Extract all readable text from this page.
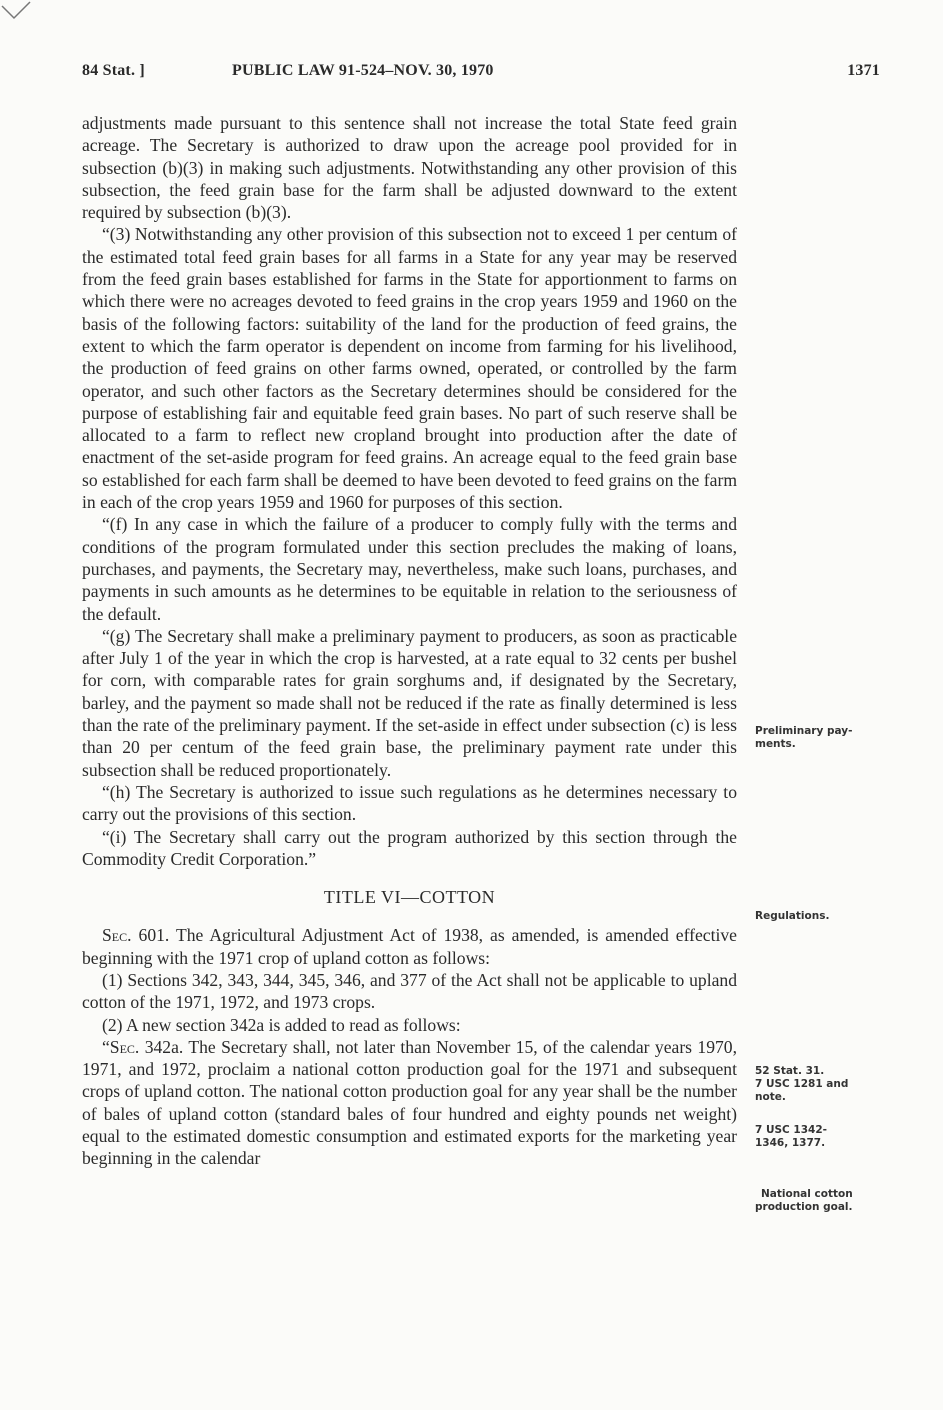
84 Stat. ]	PUBLIC LAW 91-524–NOV. 30, 1970	1371

adjustments made pursuant to this sentence shall not increase the total State feed grain acreage. The Secretary is authorized to draw upon the acreage pool provided for in subsection (b)(3) in making such adjustments. Notwithstanding any other provision of this subsection, the feed grain base for the farm shall be adjusted downward to the extent required by subsection (b)(3).

“(3) Notwithstanding any other provision of this subsection not to exceed 1 per centum of the estimated total feed grain bases for all farms in a State for any year may be reserved from the feed grain bases established for farms in the State for apportionment to farms on which there were no acreages devoted to feed grains in the crop years 1959 and 1960 on the basis of the following factors: suitability of the land for the production of feed grains, the extent to which the farm operator is dependent on income from farming for his livelihood, the production of feed grains on other farms owned, operated, or controlled by the farm operator, and such other factors as the Secretary determines should be considered for the purpose of establishing fair and equitable feed grain bases. No part of such reserve shall be allocated to a farm to reflect new cropland brought into production after the date of enactment of the set-aside program for feed grains. An acreage equal to the feed grain base so established for each farm shall be deemed to have been devoted to feed grains on the farm in each of the crop years 1959 and 1960 for purposes of this section.

“(f) In any case in which the failure of a producer to comply fully with the terms and conditions of the program formulated under this section precludes the making of loans, purchases, and payments, the Secretary may, nevertheless, make such loans, purchases, and payments in such amounts as he determines to be equitable in relation to the seriousness of the default.

“(g) The Secretary shall make a preliminary payment to producers, as soon as practicable after July 1 of the year in which the crop is harvested, at a rate equal to 32 cents per bushel for corn, with comparable rates for grain sorghums and, if designated by the Secretary, barley, and the payment so made shall not be reduced if the rate as finally determined is less than the rate of the preliminary payment. If the set-aside in effect under subsection (c) is less than 20 per centum of the feed grain base, the preliminary payment rate under this subsection shall be reduced proportionately.

“(h) The Secretary is authorized to issue such regulations as he determines necessary to carry out the provisions of this section.

“(i) The Secretary shall carry out the program authorized by this section through the Commodity Credit Corporation.”

TITLE VI—COTTON

Sec. 601. The Agricultural Adjustment Act of 1938, as amended, is amended effective beginning with the 1971 crop of upland cotton as follows:

(1) Sections 342, 343, 344, 345, 346, and 377 of the Act shall not be applicable to upland cotton of the 1971, 1972, and 1973 crops.

(2) A new section 342a is added to read as follows:

“Sec. 342a. The Secretary shall, not later than November 15, of the calendar years 1970, 1971, and 1972, proclaim a national cotton production goal for the 1971 and subsequent crops of upland cotton. The national cotton production goal for any year shall be the number of bales of upland cotton (standard bales of four hundred and eighty pounds net weight) equal to the estimated domestic consumption and estimated exports for the marketing year beginning in the calendar

Preliminary pay-
ments.
Regulations.
52 Stat. 31.
7 USC 1281 and
note.
7 USC 1342-
1346, 1377.
National cotton
production goal.
